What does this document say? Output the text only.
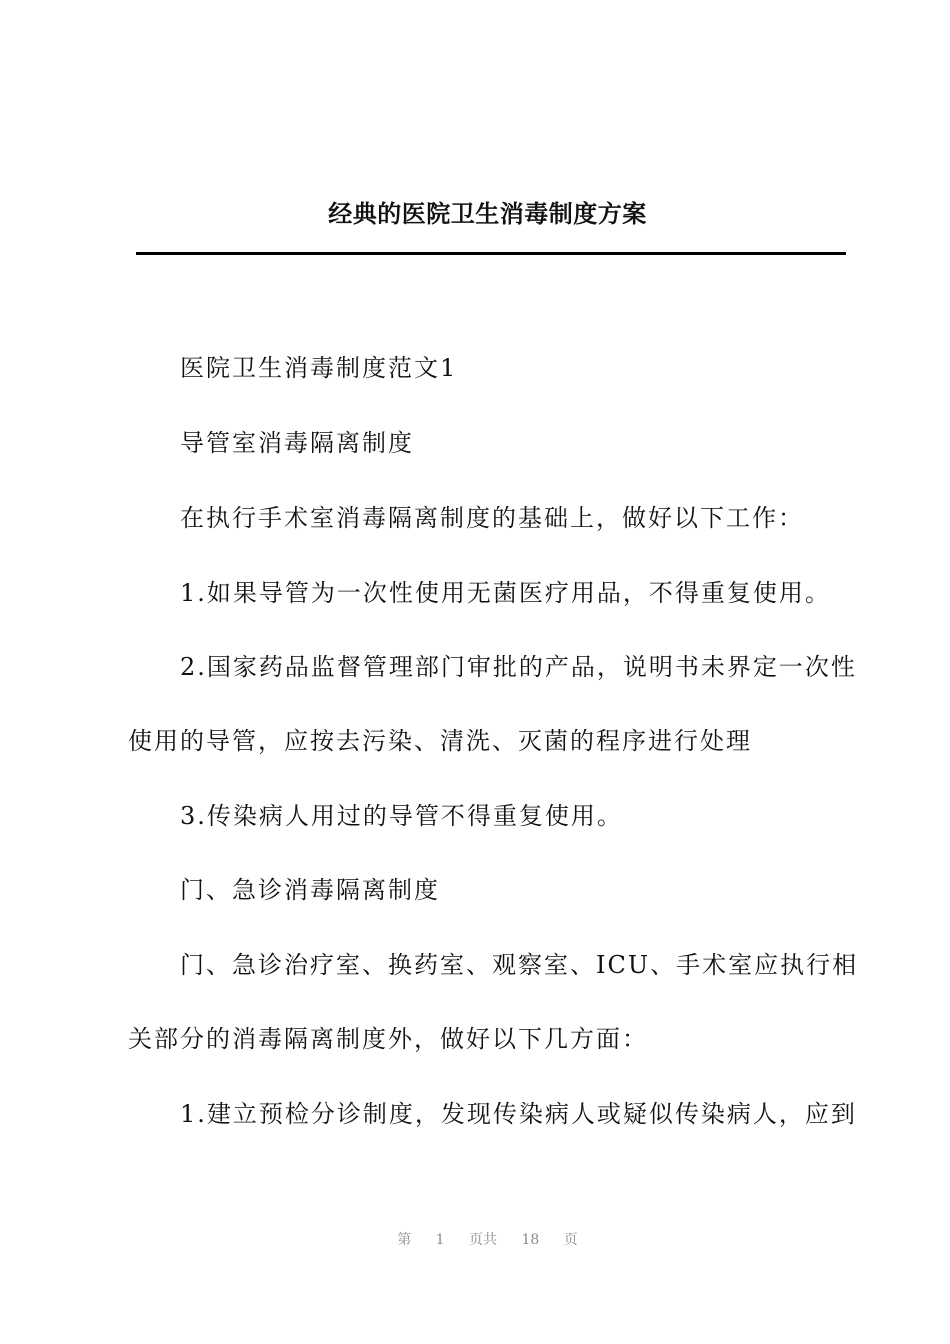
经典的医院卫生消毒制度方案
医院卫生消毒制度范文1
导管室消毒隔离制度
在执行手术室消毒隔离制度的基础上，做好以下工作：
1.如果导管为一次性使用无菌医疗用品，不得重复使用。
2.国家药品监督管理部门审批的产品，说明书未界定一次性
使用的导管，应按去污染、清洗、灭菌的程序进行处理
3.传染病人用过的导管不得重复使用。
门、急诊消毒隔离制度
门、急诊治疗室、换药室、观察室、ICU、手术室应执行相
关部分的消毒隔离制度外，做好以下几方面：
1.建立预检分诊制度，发现传染病人或疑似传染病人，应到
第 1 页共 18 页
